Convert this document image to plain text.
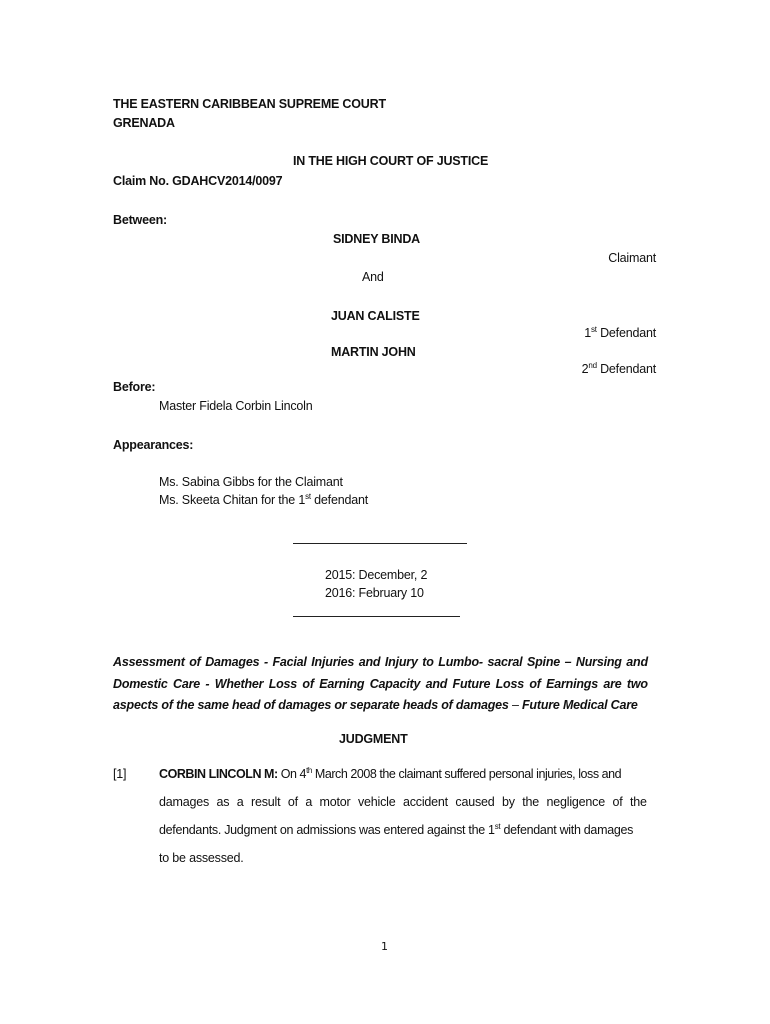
THE EASTERN CARIBBEAN SUPREME COURT
GRENADA
IN THE HIGH COURT OF JUSTICE
Claim No. GDAHCV2014/0097
Between:
SIDNEY BINDA
Claimant
And
JUAN CALISTE
1st Defendant
MARTIN JOHN
2nd Defendant
Before:
Master Fidela Corbin Lincoln
Appearances:
Ms. Sabina Gibbs for the Claimant
Ms. Skeeta Chitan for the 1st defendant
2015: December, 2
2016: February 10
Assessment of Damages - Facial Injuries and Injury to Lumbo- sacral Spine – Nursing and
Domestic Care - Whether Loss of Earning Capacity and Future Loss of Earnings are two
aspects of the same head of damages or separate heads of damages – Future Medical Care
JUDGMENT
[1]	CORBIN LINCOLN M: On 4th March 2008 the claimant suffered personal injuries, loss and
damages as a result of a motor vehicle accident caused by the negligence of the
defendants. Judgment on admissions was entered against the 1st defendant with damages
to be assessed.
1
